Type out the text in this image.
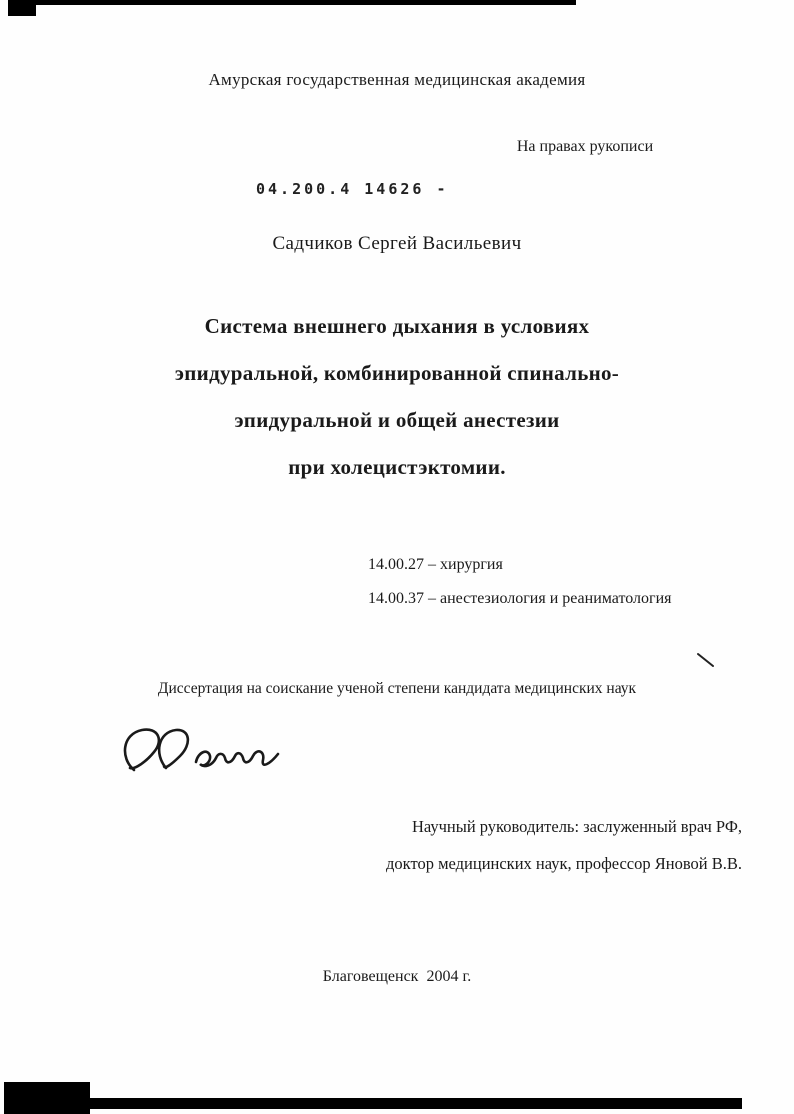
Амурская государственная медицинская академия
На правах рукописи
04.200.4 14626 -
Садчиков Сергей Васильевич
Система внешнего дыхания в условиях
эпидуральной, комбинированной спинально-
эпидуральной и общей анестезии
при холецистэктомии.
14.00.27 – хирургия
14.00.37 – анестезиология и реаниматология
Диссертация на соискание ученой степени кандидата медицинских наук
Научный руководитель: заслуженный врач РФ,
доктор медицинских наук, профессор Яновой В.В.
Благовещенск  2004 г.
